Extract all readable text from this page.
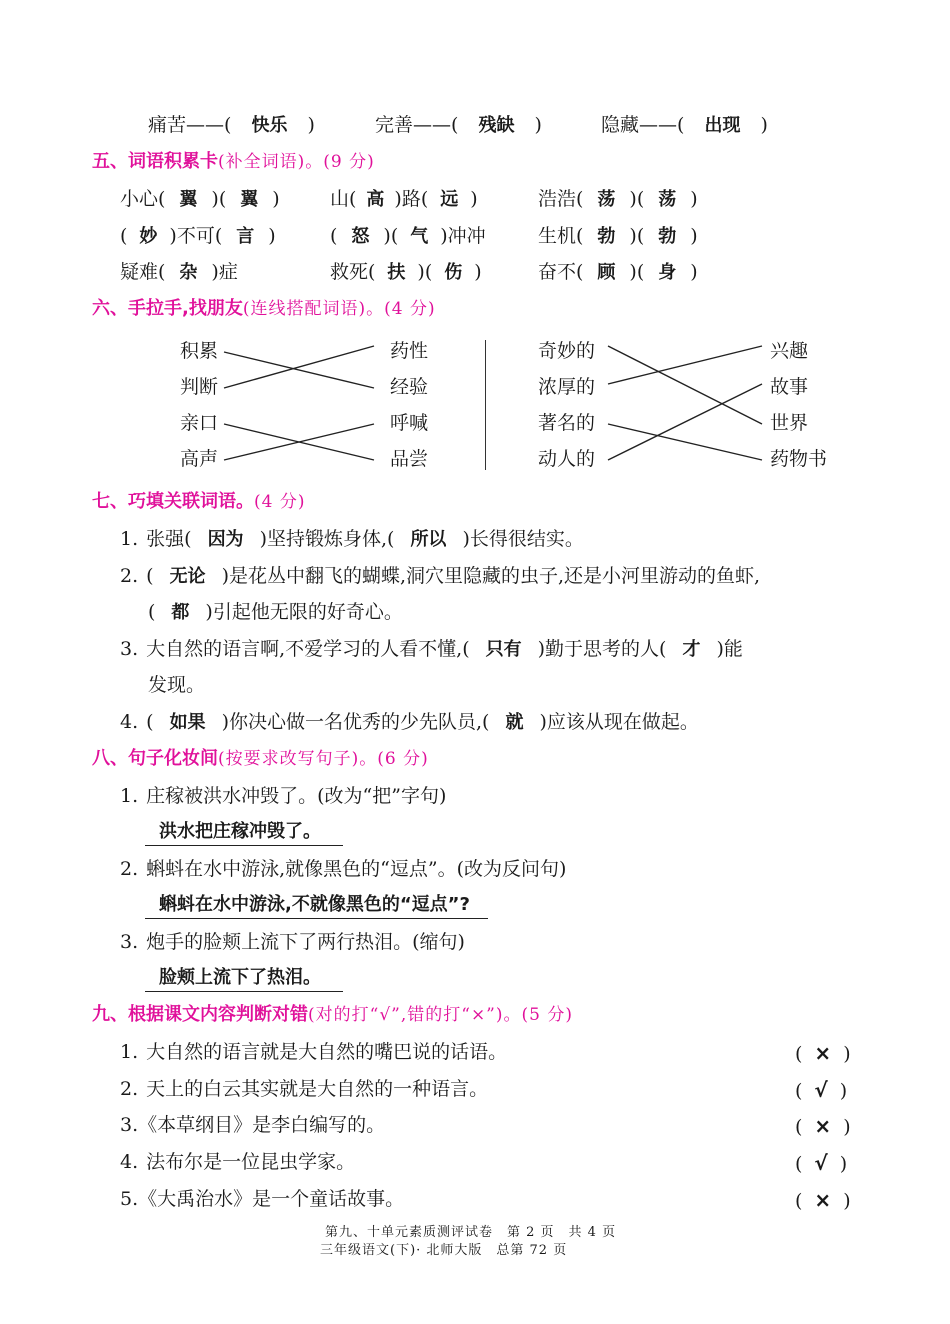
痛苦——( 快乐 )	完善——( 残缺 )	隐藏——( 出现 )
五、词语积累卡(补全词语)。(9 分)
小心( 翼 )( 翼 )	山( 高 )路( 远 )	浩浩( 荡 )( 荡 )
( 妙 )不可( 言 )	( 怒 )( 气 )冲冲	生机( 勃 )( 勃 )
疑难( 杂 )症	救死( 扶 )( 伤 )	奋不( 顾 )( 身 )
六、手拉手,找朋友(连线搭配词语)。(4 分)
积累
判断
亲口
高声
药性
经验
呼喊
品尝
奇妙的
浓厚的
著名的
动人的
兴趣
故事
世界
药物书
七、巧填关联词语。(4 分)
1. 张强( 因为 )坚持锻炼身体,( 所以 )长得很结实。
2. ( 无论 )是花丛中翻飞的蝴蝶,洞穴里隐藏的虫子,还是小河里游动的鱼虾,
( 都 )引起他无限的好奇心。
3. 大自然的语言啊,不爱学习的人看不懂,( 只有 )勤于思考的人( 才 )能
发现。
4. ( 如果 )你决心做一名优秀的少先队员,( 就 )应该从现在做起。
八、句子化妆间(按要求改写句子)。(6 分)
1. 庄稼被洪水冲毁了。(改为“把”字句)
洪水把庄稼冲毁了。
2. 蝌蚪在水中游泳,就像黑色的“逗点”。(改为反问句)
蝌蚪在水中游泳,不就像黑色的“逗点”?
3. 炮手的脸颊上流下了两行热泪。(缩句)
脸颊上流下了热泪。
九、根据课文内容判断对错(对的打“√”,错的打“×”)。(5 分)
1. 大自然的语言就是大自然的嘴巴说的话语。	( × )
2. 天上的白云其实就是大自然的一种语言。	( √ )
3.《本草纲目》是李白编写的。	( × )
4. 法布尔是一位昆虫学家。	( √ )
5.《大禹治水》是一个童话故事。	( × )
第九、十单元素质测评试卷　第 2 页　共 4 页
三年级语文(下)· 北师大版　总第 72 页
